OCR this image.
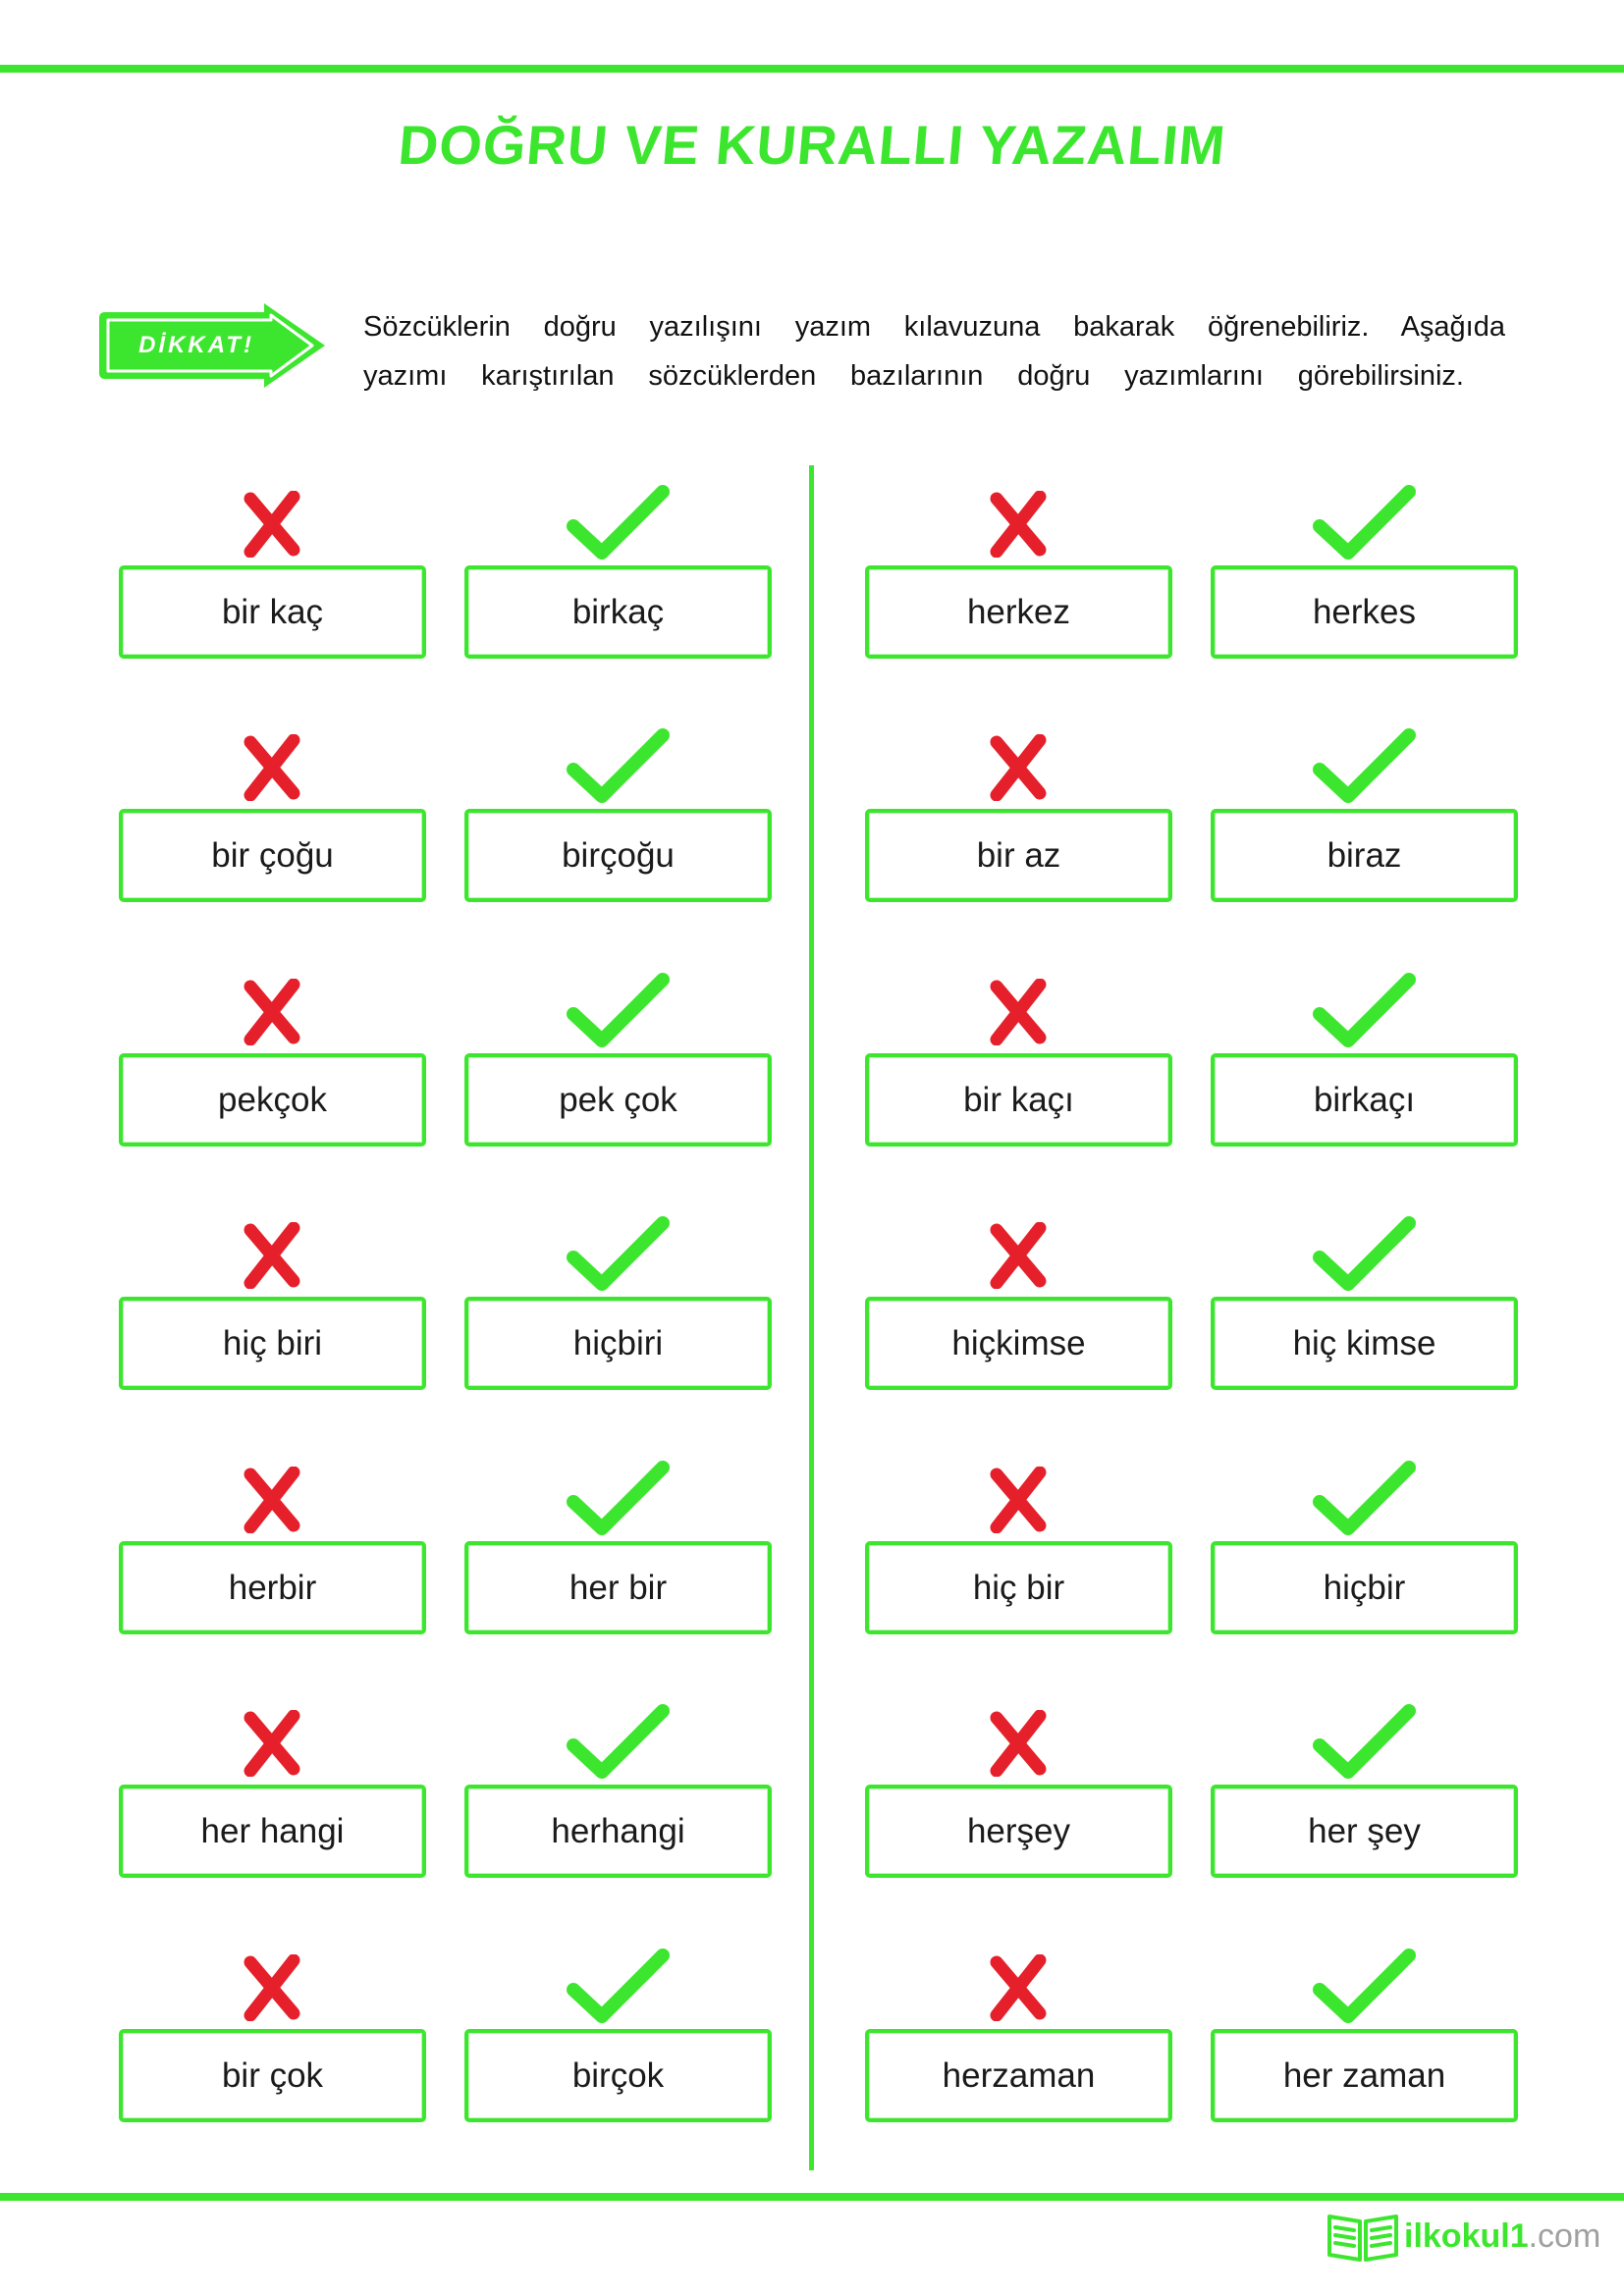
DOĞRU VE KURALLI YAZALIM
DİKKAT!
Sözcüklerin doğru yazılışını yazım kılavuzuna bakarak öğrenebiliriz. Aşağıda
yazımı karıştırılan sözcüklerden bazılarının doğru yazımlarını görebilirsiniz.
bir kaç	birkaç
bir çoğu	birçoğu
pekçok	pek çok
hiç biri	hiçbiri
herbir	her bir
her hangi	herhangi
bir çok	birçok
herkez	herkes
bir az	biraz
bir kaçı	birkaçı
hiçkimse	hiç kimse
hiç bir	hiçbir
herşey	her şey
herzaman	her zaman
ilkokul1.com
